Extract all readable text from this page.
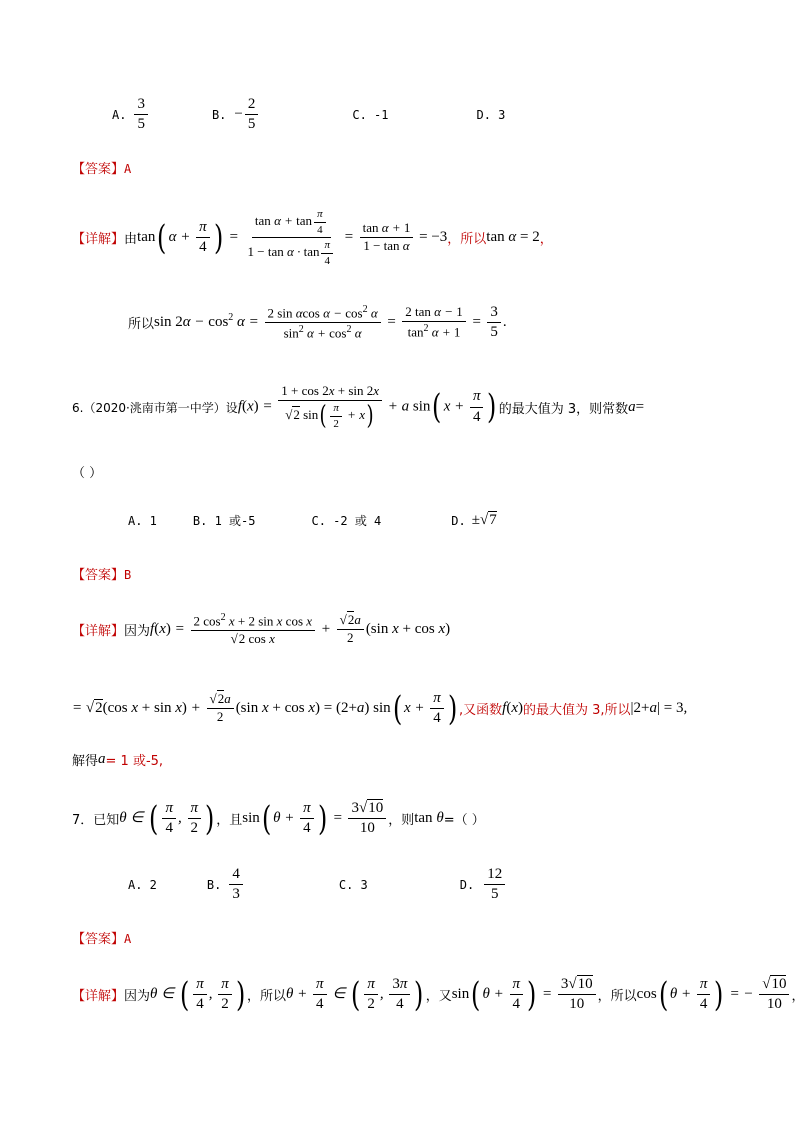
A. $\frac{3}{5}$	B. − $\frac{2}{5}$	C. -1	D. 3
【答案】A
【详解】 由 tan( $\alpha + \frac{\pi}{4}$ ) = $\frac{\tan \alpha + \tan \frac{\pi}{4}}{1 - \tan \alpha \cdot \tan \frac{\pi}{4}} = \frac{\text{tan α + 1}}{\text{1 − tan α}} = -3$ ，所以 tan α = 2 ，
所以 $\sin 2\alpha - \cos^2 \alpha = \frac{2 \sin \alpha\cos \alpha - \cos^2 \alpha}{\sin^2 \alpha + \cos^2 \alpha} = \frac{\text{2 tan α − 1}}{\tan^2 \alpha + 1} = \frac{3}{5}$ .
6.（2020·洮南市第一中学）设 $f(x) = \frac{1 + \cos 2x + \sin 2x}{√2 \sin( \frac{\pi}{2} + x)} + a$ sin( $x + \frac{\pi}{4}$ ) 的最大值为 3，则常数 a =
（ ）
A. 1	B. 1 或-5	C. -2 或 4	D. ±√7
【答案】B
【详解】 因为 $f(x) = \frac{2 \cos^2 x + 2 \sin x \cos x}{\text{√2 cos x}} + \frac{√2a}{2} (\sin$ x + cos x)
= √2(cos $x + \sin x) + \frac{√2a}{2} (\sin$ x + cos x) = (2+a) sin( $x + \frac{\pi}{4}$ ) ,又函数 f(x) 的最大值为 3,所以 |2+a| = 3,
解得 a = 1 或-5,
7．已知 θ ∈ ( $\frac{\pi}{4}$ , $\frac{\pi}{2}$ ) ，且 sin( $\theta + \frac{\pi}{4}$ ) = $\frac{3√10}{10}$ ，则 tan θ =（ ）
A. 2	B. $\frac{4}{3}$	C. 3	D. $\frac{12}{5}$
【答案】A
【详解】 因为 θ ∈ ( $\frac{\pi}{4}$ , $\frac{\pi}{2}$ ) ，所以 $\theta + \frac{\pi}{4}$ ∈ ( $\frac{\pi}{2}$ , $\frac{3\pi}{4}$ ) ，又 sin( $\theta + \frac{\pi}{4}$ ) = $\frac{3√10}{10}$ ，所以 cos( $\theta + \frac{\pi}{4}$ ) = − $\frac{√10}{10}$ ，
